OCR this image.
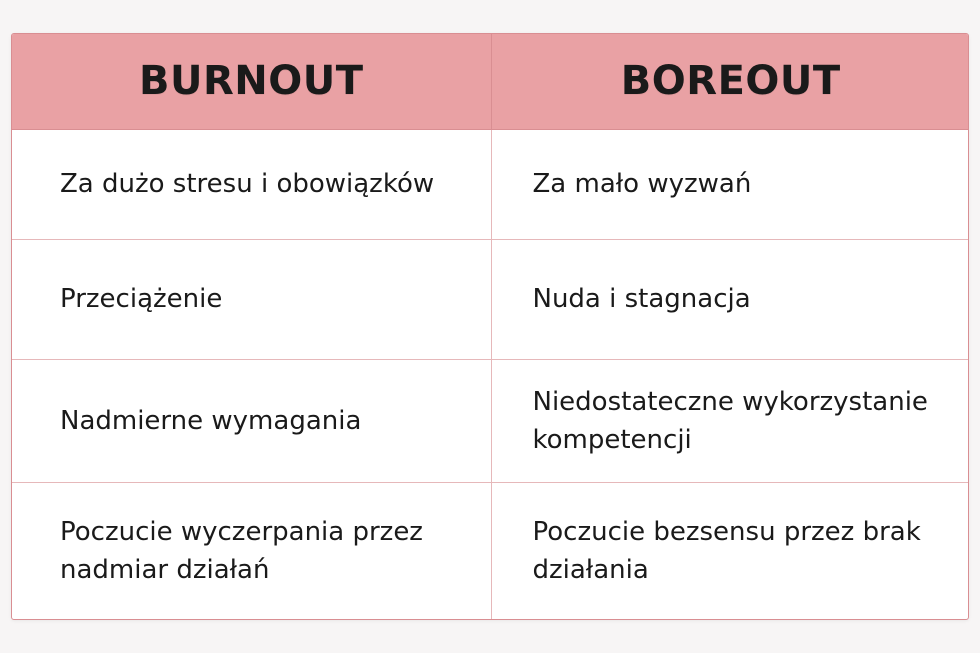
BURNOUT	BOREOUT

Za dużo stresu i obowiązków	Za mało wyzwań

Przeciążenie	Nuda i stagnacja

Nadmierne wymagania	Niedostateczne wykorzystanie kompetencji

Poczucie wyczerpania przez nadmiar działań	Poczucie bezsensu przez brak działania
